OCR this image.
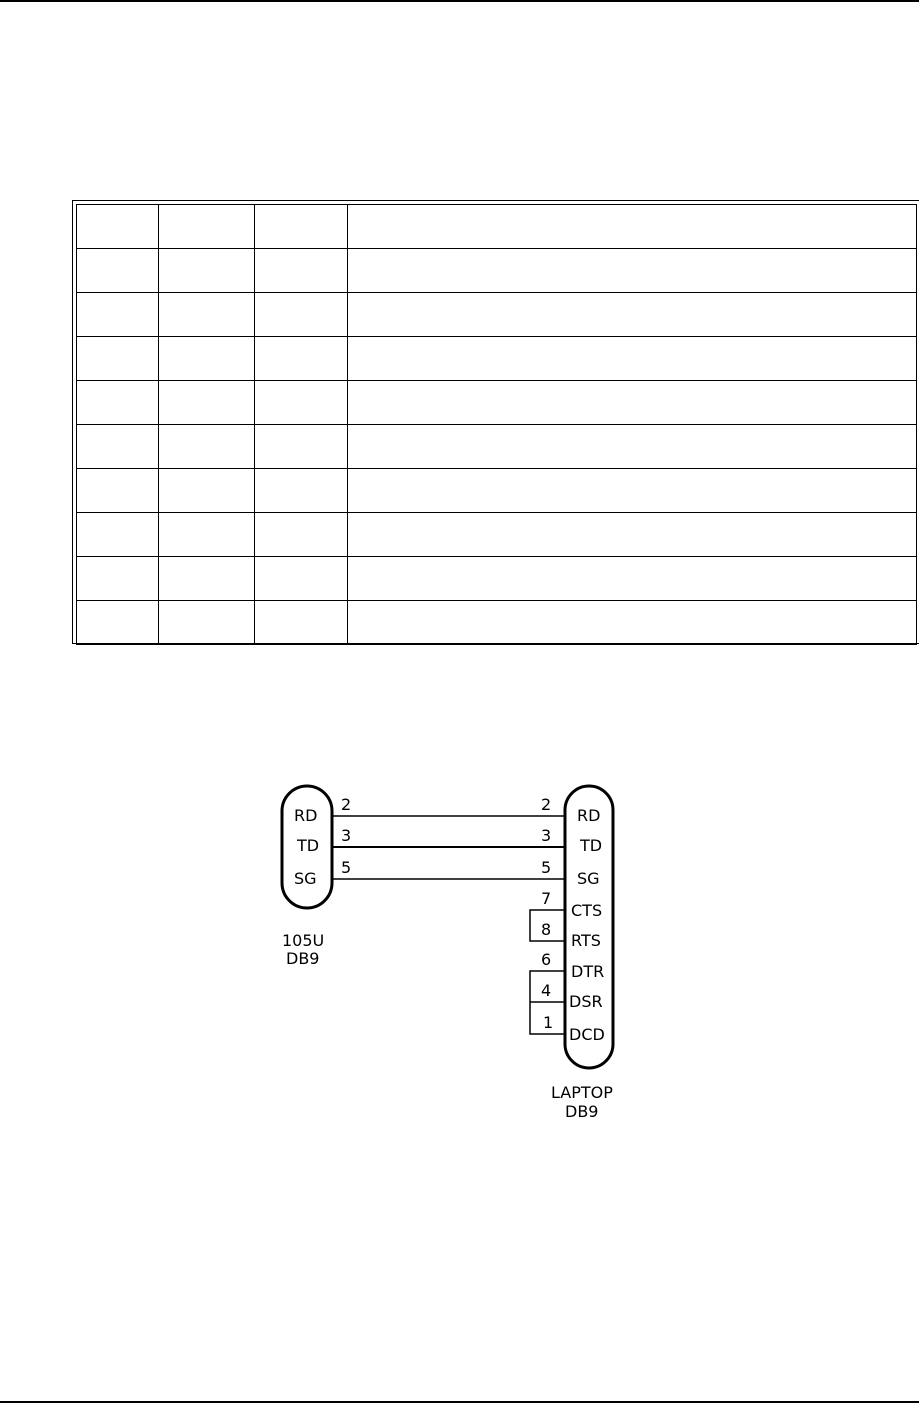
RD
TD
SG
105U
DB9
RD
TD
SG
CTS
RTS
DTR
DSR
DCD
LAPTOP
DB9
2	2
3	3
5	5
7
8
6
4
1
